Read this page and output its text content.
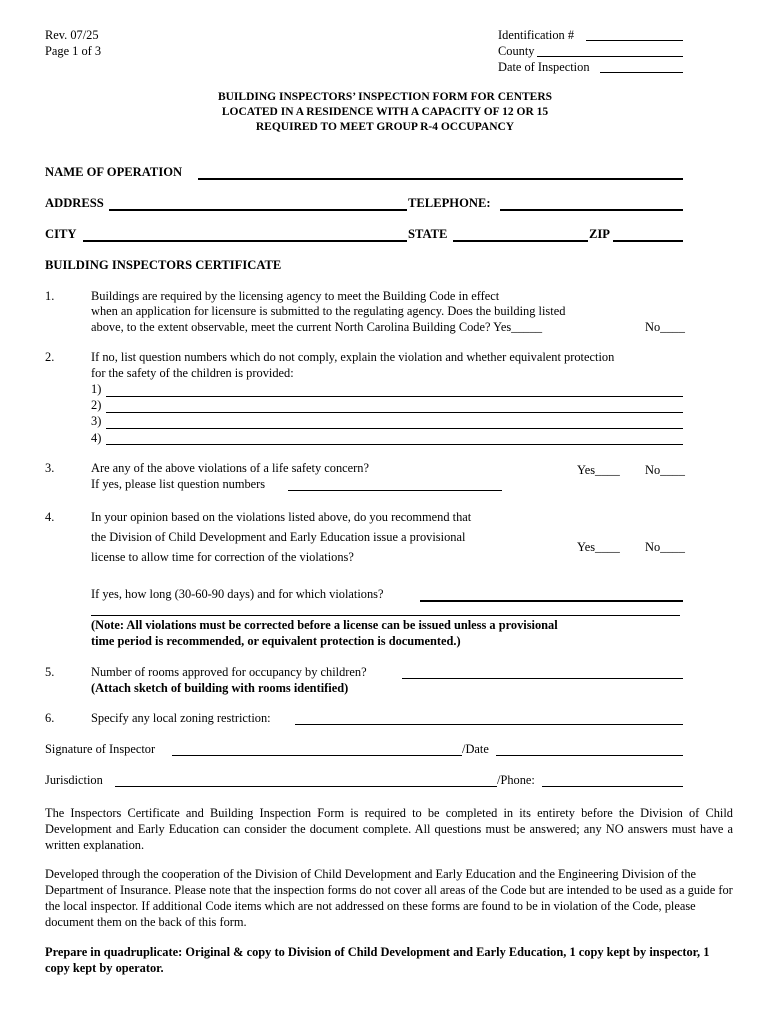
Rev. 07/25
Page 1 of 3
Identification #
County
Date of Inspection
BUILDING INSPECTORS’ INSPECTION FORM FOR CENTERS
LOCATED IN A RESIDENCE WITH A CAPACITY OF 12 OR 15
REQUIRED TO MEET GROUP R-4 OCCUPANCY
NAME OF OPERATION
ADDRESS	TELEPHONE:
CITY	STATE	ZIP
BUILDING INSPECTORS CERTIFICATE
1.	Buildings are required by the licensing agency to meet the Building Code in effect
when an application for licensure is submitted to the regulating agency. Does the building listed
above, to the extent observable, meet the current North Carolina Building Code? Yes_____	No____
2.	If no, list question numbers which do not comply, explain the violation and whether equivalent protection
for the safety of the children is provided:
1)
2)
3)
4)
3.	Are any of the above violations of a life safety concern?	Yes____ No____
If yes, please list question numbers
4.	In your opinion based on the violations listed above, do you recommend that
the Division of Child Development and Early Education issue a provisional
Yes____ No____
license to allow time for correction of the violations?
If yes, how long (30-60-90 days) and for which violations?
(Note: All violations must be corrected before a license can be issued unless a provisional
time period is recommended, or equivalent protection is documented.)
5.	Number of rooms approved for occupancy by children?
(Attach sketch of building with rooms identified)
6.	Specify any local zoning restriction:
Signature of Inspector	/Date
Jurisdiction	/Phone:
The Inspectors Certificate and Building Inspection Form is required to be completed in its entirety before the Division of Child Development and Early Education can consider the document complete. All questions must be answered; any NO answers must have a written explanation.
Developed through the cooperation of the Division of Child Development and Early Education and the Engineering Division of the Department of Insurance. Please note that the inspection forms do not cover all areas of the Code but are intended to be used as a guide for the local inspector. If additional Code items which are not addressed on these forms are found to be in violation of the Code, please document them on the back of this form.
Prepare in quadruplicate: Original & copy to Division of Child Development and Early Education, 1 copy kept by inspector, 1 copy kept by operator.
